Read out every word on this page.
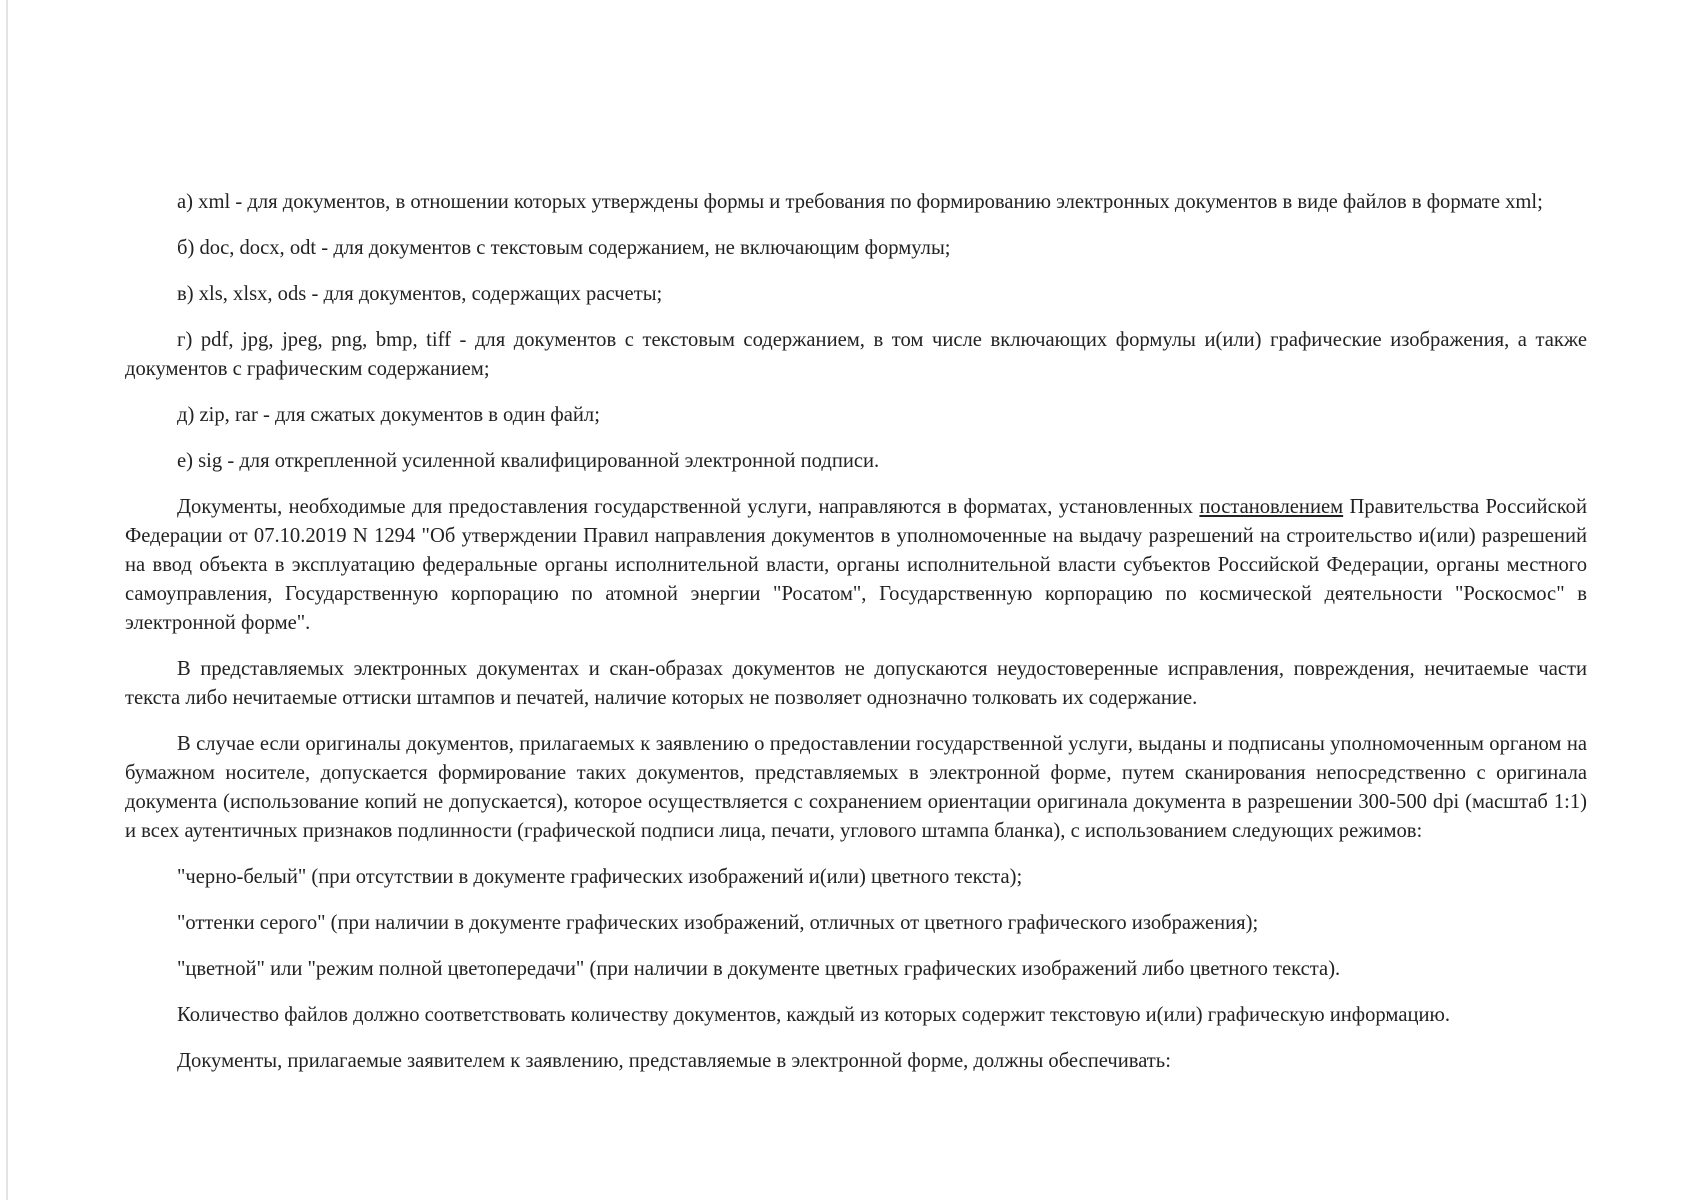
а) xml - для документов, в отношении которых утверждены формы и требования по формированию электронных документов в виде файлов в формате xml;

б) doc, docx, odt - для документов с текстовым содержанием, не включающим формулы;

в) xls, xlsx, ods - для документов, содержащих расчеты;

г) pdf, jpg, jpeg, png, bmp, tiff - для документов с текстовым содержанием, в том числе включающих формулы и(или) графические изображения, а также документов с графическим содержанием;

д) zip, rar - для сжатых документов в один файл;

е) sig - для открепленной усиленной квалифицированной электронной подписи.

Документы, необходимые для предоставления государственной услуги, направляются в форматах, установленных постановлением Правительства Российской Федерации от 07.10.2019 N 1294 "Об утверждении Правил направления документов в уполномоченные на выдачу разрешений на строительство и(или) разрешений на ввод объекта в эксплуатацию федеральные органы исполнительной власти, органы исполнительной власти субъектов Российской Федерации, органы местного самоуправления, Государственную корпорацию по атомной энергии "Росатом", Государственную корпорацию по космической деятельности "Роскосмос" в электронной форме".

В представляемых электронных документах и скан-образах документов не допускаются неудостоверенные исправления, повреждения, нечитаемые части текста либо нечитаемые оттиски штампов и печатей, наличие которых не позволяет однозначно толковать их содержание.

В случае если оригиналы документов, прилагаемых к заявлению о предоставлении государственной услуги, выданы и подписаны уполномоченным органом на бумажном носителе, допускается формирование таких документов, представляемых в электронной форме, путем сканирования непосредственно с оригинала документа (использование копий не допускается), которое осуществляется с сохранением ориентации оригинала документа в разрешении 300-500 dpi (масштаб 1:1) и всех аутентичных признаков подлинности (графической подписи лица, печати, углового штампа бланка), с использованием следующих режимов:

"черно-белый" (при отсутствии в документе графических изображений и(или) цветного текста);

"оттенки серого" (при наличии в документе графических изображений, отличных от цветного графического изображения);

"цветной" или "режим полной цветопередачи" (при наличии в документе цветных графических изображений либо цветного текста).

Количество файлов должно соответствовать количеству документов, каждый из которых содержит текстовую и(или) графическую информацию.

Документы, прилагаемые заявителем к заявлению, представляемые в электронной форме, должны обеспечивать:
